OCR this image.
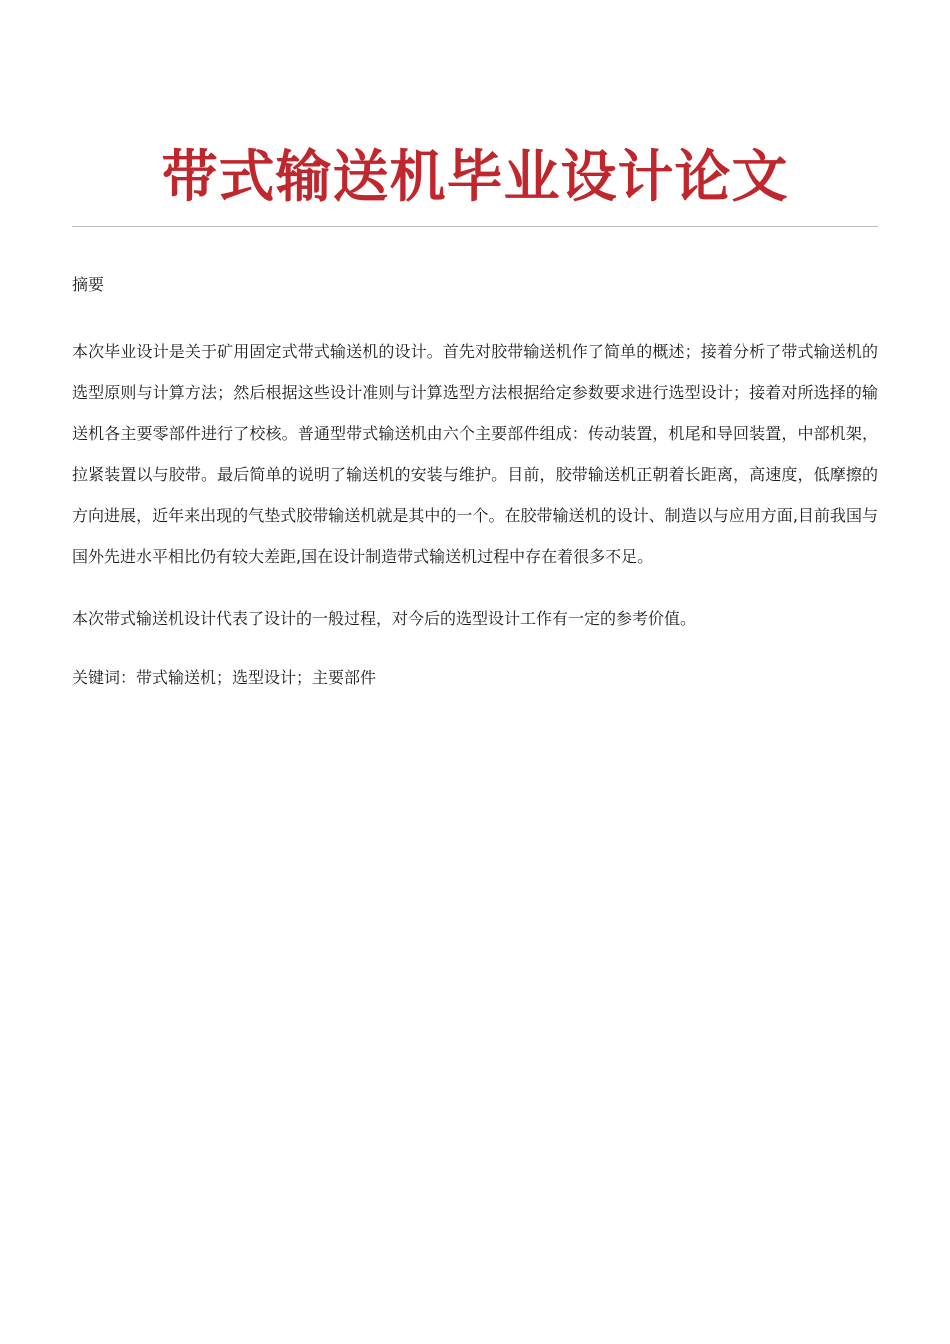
带式输送机毕业设计论文

摘要

本次毕业设计是关于矿用固定式带式输送机的设计。首先对胶带输送机作了简单的概述；接着分析了带式输送机的选型原则与计算方法；然后根据这些设计准则与计算选型方法根据给定参数要求进行选型设计；接着对所选择的输送机各主要零部件进行了校核。普通型带式输送机由六个主要部件组成：传动装置，机尾和导回装置，中部机架，拉紧装置以与胶带。最后简单的说明了输送机的安装与维护。目前，胶带输送机正朝着长距离，高速度，低摩擦的方向进展，近年来出现的气垫式胶带输送机就是其中的一个。在胶带输送机的设计、制造以与应用方面,目前我国与国外先进水平相比仍有较大差距,国在设计制造带式输送机过程中存在着很多不足。

本次带式输送机设计代表了设计的一般过程，对今后的选型设计工作有一定的参考价值。

关键词：带式输送机；选型设计；主要部件
